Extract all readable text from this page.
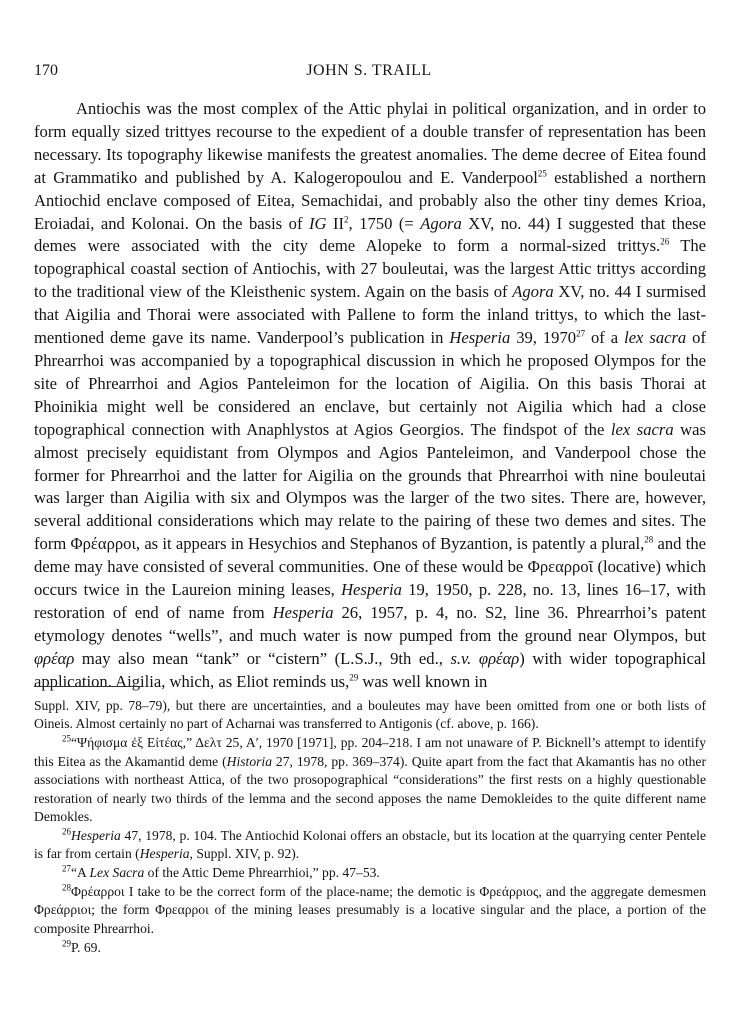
170	JOHN S. TRAILL

Antiochis was the most complex of the Attic phylai in political organization, and in order to form equally sized trittyes recourse to the expedient of a double transfer of representation has been necessary. Its topography likewise manifests the greatest anomalies. The deme decree of Eitea found at Grammatiko and published by A. Kalogeropoulou and E. Vanderpool$^{25}$ established a northern Antiochid enclave composed of Eitea, Semachidai, and probably also the other tiny demes Krioa, Eroiadai, and Kolonai. On the basis of IG $II^2$, 1750 (= Agora XV, no. 44) I suggested that these demes were associated with the city deme Alopeke to form a normal-sized trittys.$^{26}$ The topographical coastal section of Antiochis, with 27 bouleutai, was the largest Attic trittys according to the traditional view of the Kleisthenic system. Again on the basis of Agora XV, no. 44 I surmised that Aigilia and Thorai were associated with Pallene to form the inland trittys, to which the last-mentioned deme gave its name. Vanderpool’s publication in Hesperia 39, 1970$^{27}$ of a lex sacra of Phrearrhoi was accompanied by a topographical discussion in which he proposed Olympos for the site of Phrearrhoi and Agios Panteleimon for the location of Aigilia. On this basis Thorai at Phoinikia might well be considered an enclave, but certainly not Aigilia which had a close topographical connection with Anaphlystos at Agios Georgios. The findspot of the lex sacra was almost precisely equidistant from Olympos and Agios Panteleimon, and Vanderpool chose the former for Phrearrhoi and the latter for Aigilia on the grounds that Phrearrhoi with nine bouleutai was larger than Aigilia with six and Olympos was the larger of the two sites. There are, however, several additional considerations which may relate to the pairing of these two demes and sites. The form Φρέαρροι, as it appears in Hesychios and Stephanos of Byzantion, is patently a plural,$^{28}$ and the deme may have consisted of several communities. One of these would be Φρεαρροῖ (locative) which occurs twice in the Laureion mining leases, Hesperia 19, 1950, p. 228, no. 13, lines 16–17, with restoration of end of name from Hesperia 26, 1957, p. 4, no. S2, line 36. Phrearrhoi’s patent etymology denotes “wells”, and much water is now pumped from the ground near Olympos, but φρέαρ may also mean “tank” or “cistern” (L.S.J., 9th ed., s.v. φρέαρ) with wider topographical application. Aigilia, which, as Eliot reminds us,$^{29}$ was well known in

Suppl. XIV, pp. 78–79), but there are uncertainties, and a bouleutes may have been omitted from one or both lists of Oineis. Almost certainly no part of Acharnai was transferred to Antigonis (cf. above, p. 166).

$^{25}$“Ψήφισμα ἐξ Εἰτέας,” Δελτ 25, Α′, 1970 [1971], pp. 204–218. I am not unaware of P. Bicknell’s attempt to identify this Eitea as the Akamantid deme (Historia 27, 1978, pp. 369–374). Quite apart from the fact that Akamantis has no other associations with northeast Attica, of the two prosopographical “considerations” the first rests on a highly questionable restoration of nearly two thirds of the lemma and the second apposes the name Demokleides to the quite different name Demokles.

$^{26}$Hesperia 47, 1978, p. 104. The Antiochid Kolonai offers an obstacle, but its location at the quarrying center Pentele is far from certain (Hesperia, Suppl. XIV, p. 92).

$^{27}$“A Lex Sacra of the Attic Deme Phrearrhioi,” pp. 47–53.

$^{28}$Φρέαρροι I take to be the correct form of the place-name; the demotic is Φρεάρριος, and the aggregate demesmen Φρεάρριοι; the form Φρεαρροι of the mining leases presumably is a locative singular and the place, a portion of the composite Phrearrhoi.

$^{29}$P. 69.
